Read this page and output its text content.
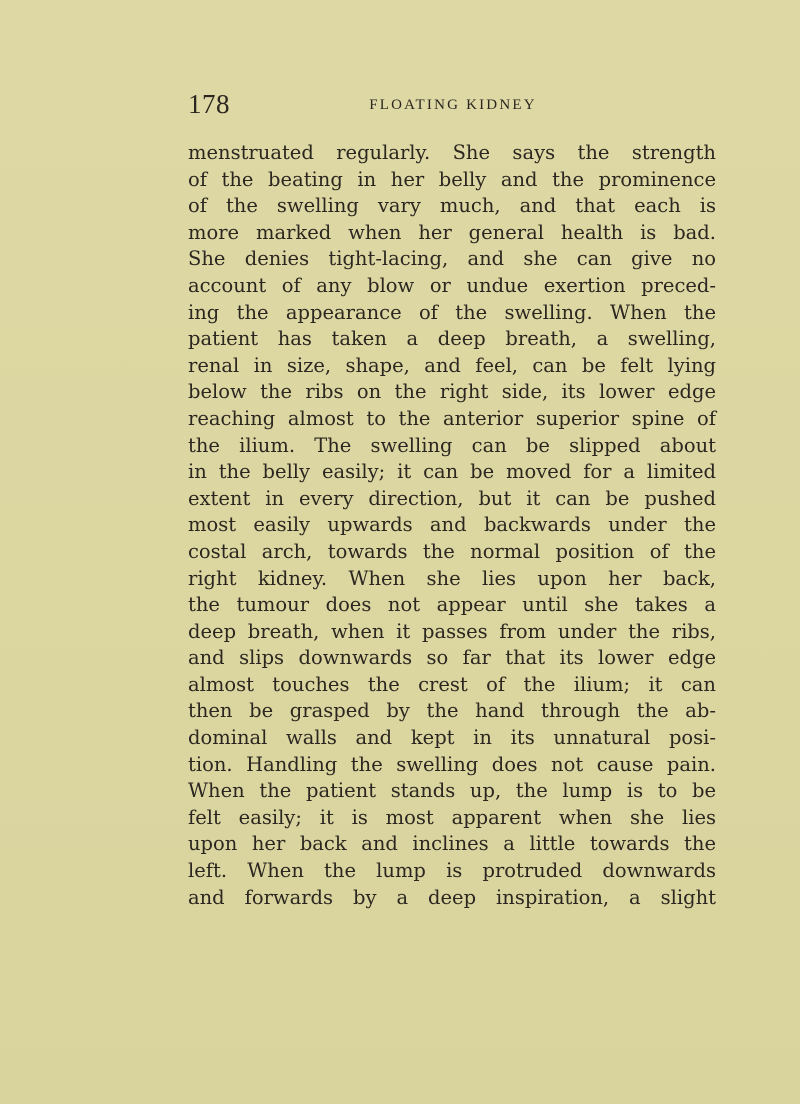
178	FLOATING KIDNEY
menstruated regularly. She says the strength
of the beating in her belly and the prominence
of the swelling vary much, and that each is
more marked when her general health is bad.
She denies tight-lacing, and she can give no
account of any blow or undue exertion preced-
ing the appearance of the swelling. When the
patient has taken a deep breath, a swelling,
renal in size, shape, and feel, can be felt lying
below the ribs on the right side, its lower edge
reaching almost to the anterior superior spine of
the ilium. The swelling can be slipped about
in the belly easily; it can be moved for a limited
extent in every direction, but it can be pushed
most easily upwards and backwards under the
costal arch, towards the normal position of the
right kidney. When she lies upon her back,
the tumour does not appear until she takes a
deep breath, when it passes from under the ribs,
and slips downwards so far that its lower edge
almost touches the crest of the ilium; it can
then be grasped by the hand through the ab-
dominal walls and kept in its unnatural posi-
tion. Handling the swelling does not cause pain.
When the patient stands up, the lump is to be
felt easily; it is most apparent when she lies
upon her back and inclines a little towards the
left. When the lump is protruded downwards
and forwards by a deep inspiration, a slight
